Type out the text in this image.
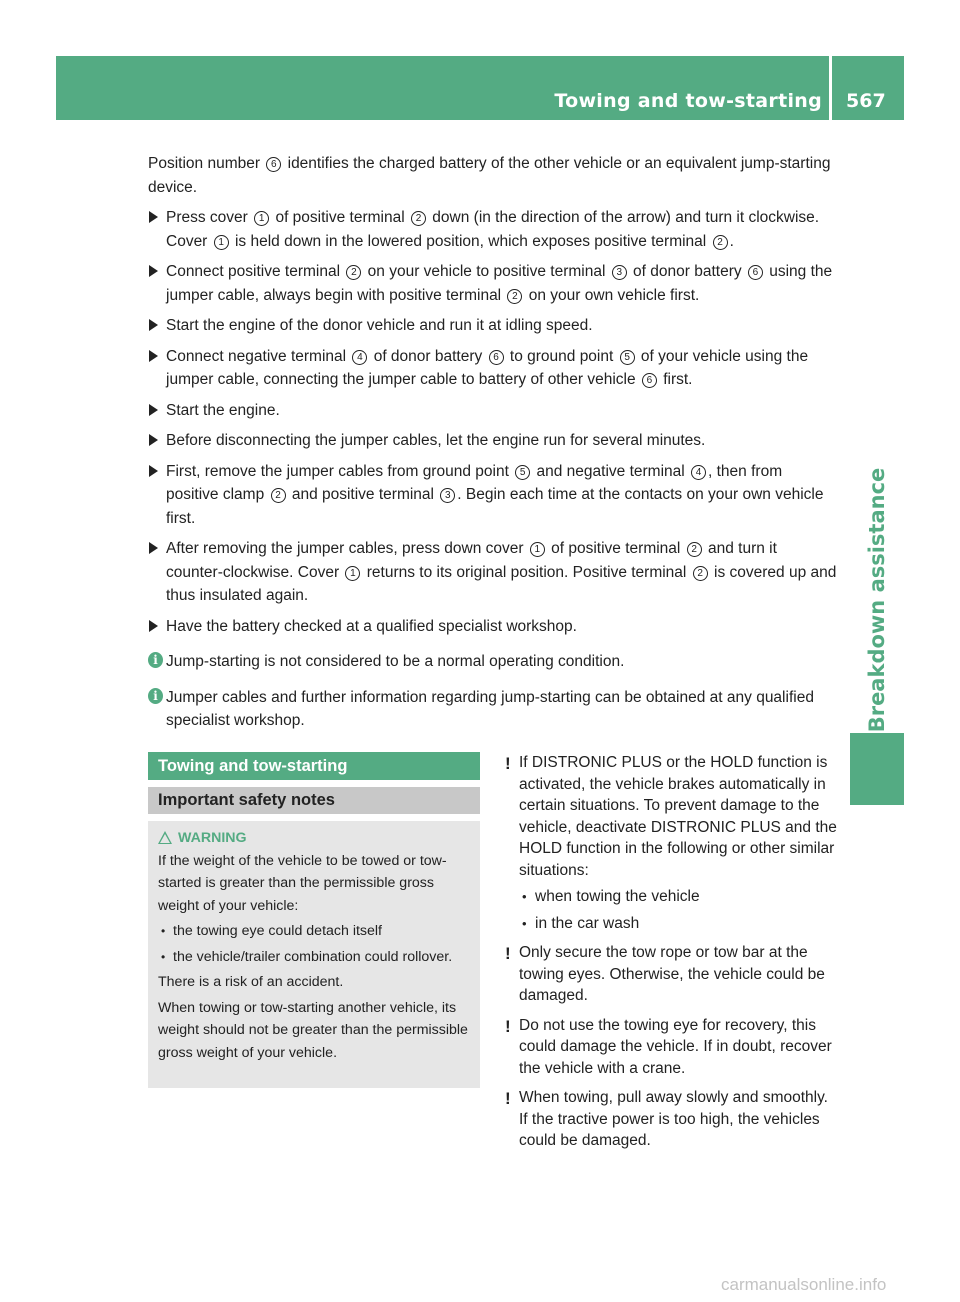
Towing and tow-starting 567
Breakdown assistance

Position number 6 identifies the charged battery of the other vehicle or an equivalent jump-starting device.

Press cover 1 of positive terminal 2 down (in the direction of the arrow) and turn it clockwise. Cover 1 is held down in the lowered position, which exposes positive terminal 2 .
Connect positive terminal 2 on your vehicle to positive terminal 3 of donor battery 6 using the jumper cable, always begin with positive terminal 2 on your own vehicle first.
Start the engine of the donor vehicle and run it at idling speed.
Connect negative terminal 4 of donor battery 6 to ground point 5 of your vehicle using the jumper cable, connecting the jumper cable to battery of other vehicle 6 first.
Start the engine.
Before disconnecting the jumper cables, let the engine run for several minutes.
First, remove the jumper cables from ground point 5 and negative terminal 4 , then from positive clamp 2 and positive terminal 3 . Begin each time at the contacts on your own vehicle first.
After removing the jumper cables, press down cover 1 of positive terminal 2 and turn it counter-clockwise. Cover 1 returns to its original position. Positive terminal 2 is covered up and thus insulated again.
Have the battery checked at a qualified specialist workshop.
i Jump-starting is not considered to be a normal operating condition.
i Jumper cables and further information regarding jump-starting can be obtained at any qualified specialist workshop.
Towing and tow-starting
Important safety notes
WARNING

If the weight of the vehicle to be towed or tow-started is greater than the permissible gross weight of your vehicle:

• the towing eye could detach itself
• the vehicle/trailer combination could rollover.

There is a risk of an accident.

When towing or tow-starting another vehicle, its weight should not be greater than the permissible gross weight of your vehicle.

! If DISTRONIC PLUS or the HOLD function is activated, the vehicle brakes automatically in certain situations. To prevent damage to the vehicle, deactivate DISTRONIC PLUS and the HOLD function in the following or other similar situations:
• when towing the vehicle
• in the car wash
! Only secure the tow rope or tow bar at the towing eyes. Otherwise, the vehicle could be damaged.
! Do not use the towing eye for recovery, this could damage the vehicle. If in doubt, recover the vehicle with a crane.
! When towing, pull away slowly and smoothly. If the tractive power is too high, the vehicles could be damaged.
carmanualsonline.info
